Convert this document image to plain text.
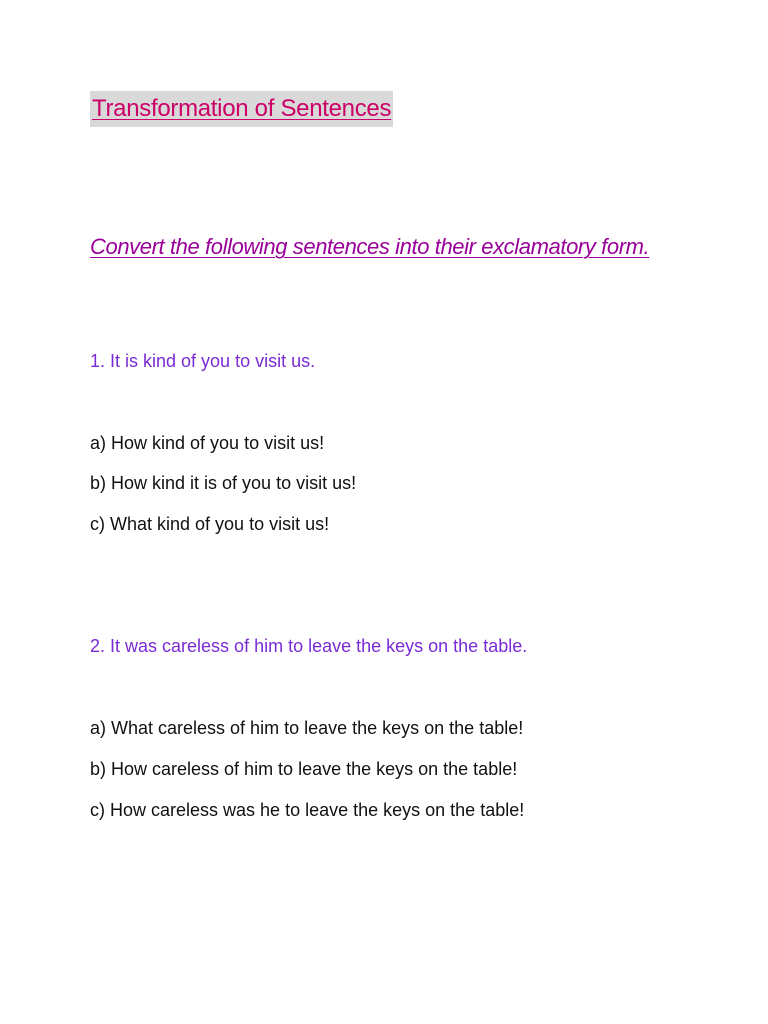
Transformation of Sentences
Convert the following sentences into their exclamatory form.
1. It is kind of you to visit us.
a) How kind of you to visit us!
b) How kind it is of you to visit us!
c) What kind of you to visit us!
2. It was careless of him to leave the keys on the table.
a) What careless of him to leave the keys on the table!
b) How careless of him to leave the keys on the table!
c) How careless was he to leave the keys on the table!
